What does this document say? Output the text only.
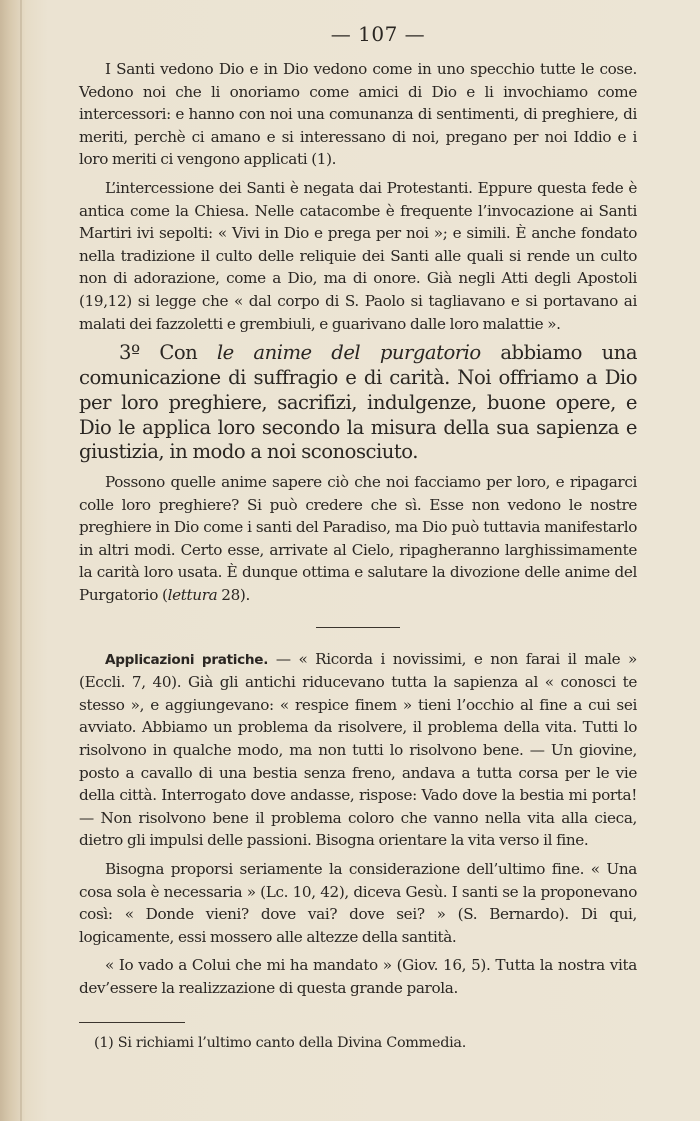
— 107 —

I Santi vedono Dio e in Dio vedono come in uno specchio tutte le cose. Vedono noi che li onoriamo come amici di Dio e li invochiamo come intercessori: e hanno con noi una comunanza di sentimenti, di preghiere, di meriti, perchè ci amano e si interessano di noi, pregano per noi Iddio e i loro meriti ci vengono applicati (1).

L’intercessione dei Santi è negata dai Protestanti. Eppure questa fede è antica come la Chiesa. Nelle catacombe è frequente l’invocazione ai Santi Martiri ivi sepolti: « Vivi in Dio e prega per noi »; e simili. È anche fondato nella tradizione il culto delle reliquie dei Santi alle quali si rende un culto non di adorazione, come a Dio, ma di onore. Già negli Atti degli Apostoli (19,12) si legge che « dal corpo di S. Paolo si tagliavano e si portavano ai malati dei fazzoletti e grembiuli, e guarivano dalle loro malattie ».

3º Con le anime del purgatorio abbiamo una comunicazione di suffragio e di carità. Noi offriamo a Dio per loro preghiere, sacrifizi, indulgenze, buone opere, e Dio le applica loro secondo la misura della sua sapienza e giustizia, in modo a noi sconosciuto.

Possono quelle anime sapere ciò che noi facciamo per loro, e ripagarci colle loro preghiere? Si può credere che sì. Esse non vedono le nostre preghiere in Dio come i santi del Paradiso, ma Dio può tuttavia manifestarlo in altri modi. Certo esse, arrivate al Cielo, ripagheranno larghissimamente la carità loro usata. È dunque ottima e salutare la divozione delle anime del Purgatorio (lettura 28).

Applicazioni pratiche. — « Ricorda i novissimi, e non farai il male » (Eccli. 7, 40). Già gli antichi riducevano tutta la sapienza al « conosci te stesso », e aggiungevano: « respice finem » tieni l’occhio al fine a cui sei avviato. Abbiamo un problema da risolvere, il problema della vita. Tutti lo risolvono in qualche modo, ma non tutti lo risolvono bene. — Un giovine, posto a cavallo di una bestia senza freno, andava a tutta corsa per le vie della città. Interrogato dove andasse, rispose: Vado dove la bestia mi porta! — Non risolvono bene il problema coloro che vanno nella vita alla cieca, dietro gli impulsi delle passioni. Bisogna orientare la vita verso il fine.

Bisogna proporsi seriamente la considerazione dell’ultimo fine. « Una cosa sola è necessaria » (Lc. 10, 42), diceva Gesù. I santi se la proponevano così: « Donde vieni? dove vai? dove sei? » (S. Bernardo). Di qui, logicamente, essi mossero alle altezze della santità.

« Io vado a Colui che mi ha mandato » (Giov. 16, 5). Tutta la nostra vita dev’essere la realizzazione di questa grande parola.

(1) Si richiami l’ultimo canto della Divina Commedia.
